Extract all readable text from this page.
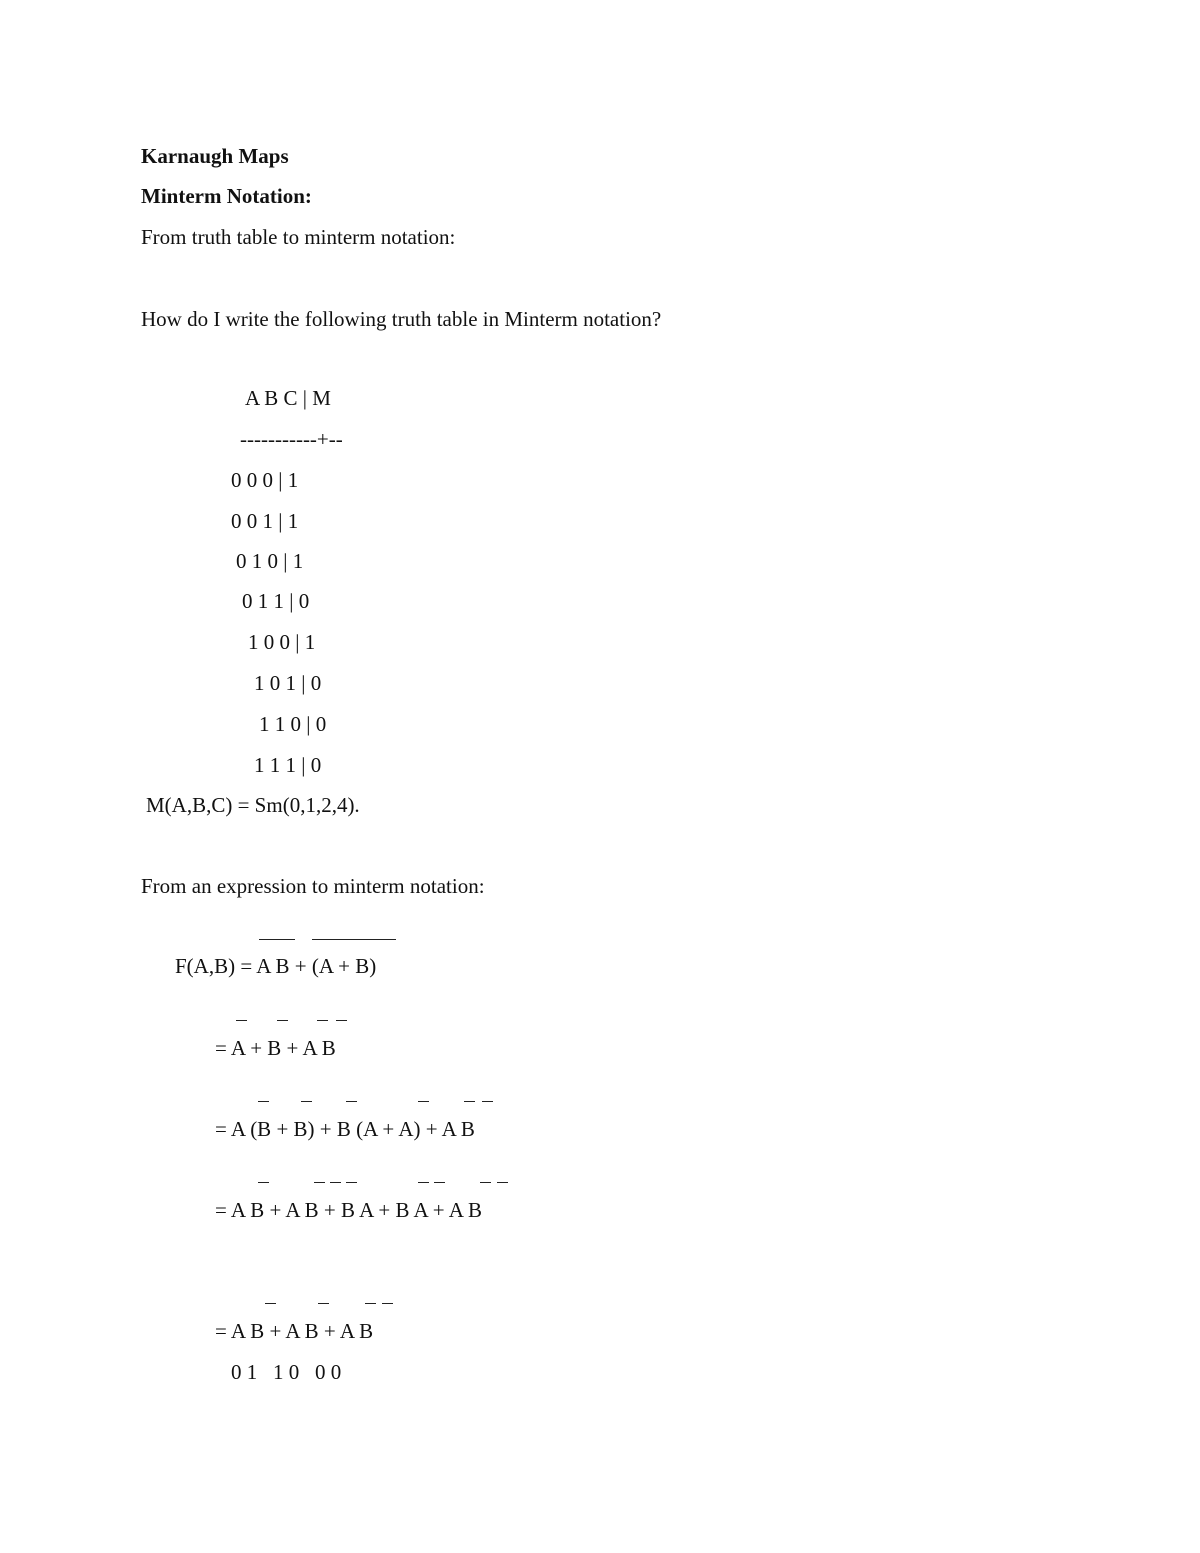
Karnaugh Maps

Minterm Notation:

From truth table to minterm notation:

How do I write the following truth table in Minterm notation?

A B C | M

-----------+--

0 0 0 | 1

0 0 1 | 1

0 1 0 | 1

0 1 1 | 0

1 0 0 | 1

1 0 1 | 0

1 1 0 | 0

1 1 1 | 0

M(A,B,C) = Sm(0,1,2,4).

From an expression to minterm notation:

F(A,B) = A B + (A + B)

= A + B + A B

= A (B + B) + B (A + A) + A B

= A B + A B + B A + B A + A B

= A B + A B + A B

0 1   1 0   0 0
